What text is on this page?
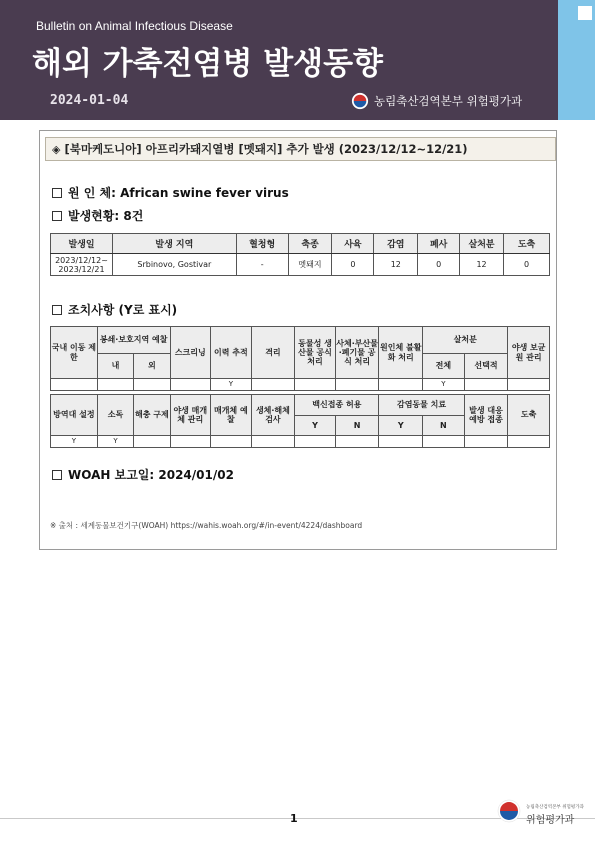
Bulletin on Animal Infectious Disease
해외 가축전염병 발생동향
2024-01-04	농림축산검역본부 위험평가과
◈ [북마케도니아] 아프리카돼지열병 [멧돼지] 추가 발생 (2023/12/12~12/21)
원 인 체: African swine fever virus
발생현황: 8건
발생일	발생 지역	혈청형	축종	사육	감염	폐사	살처분	도축
2023/12/12~
2023/12/21	Srbinovo, Gostivar	-	멧돼지	0	12	0	12	0
조치사항 (Y로 표시)
국내 이동 제한	봉쇄·보호지역 예찰		스크리닝	이력 추적	격리	동물성 생산물 공식 처리	사체·부산물·폐기물 공식 처리	원인체 불활화 처리	살처분		야생 보균원 관리
	내	외							전체	선택적	
				Y					Y		
방역대 설정	소독	해충 구제	야생 매개체 관리	매개체 예찰	생체·해체 검사	백신접종 허용		감염동물 치료		발생 대응 예방 접종	도축
						Y	N	Y	N		
Y	Y										
WOAH 보고일: 2024/01/02
※ 출처 : 세계동물보건기구(WOAH) https://wahis.woah.org/#/in-event/4224/dashboard
1
농림축산검역본부 위험평가과
위험평가과
